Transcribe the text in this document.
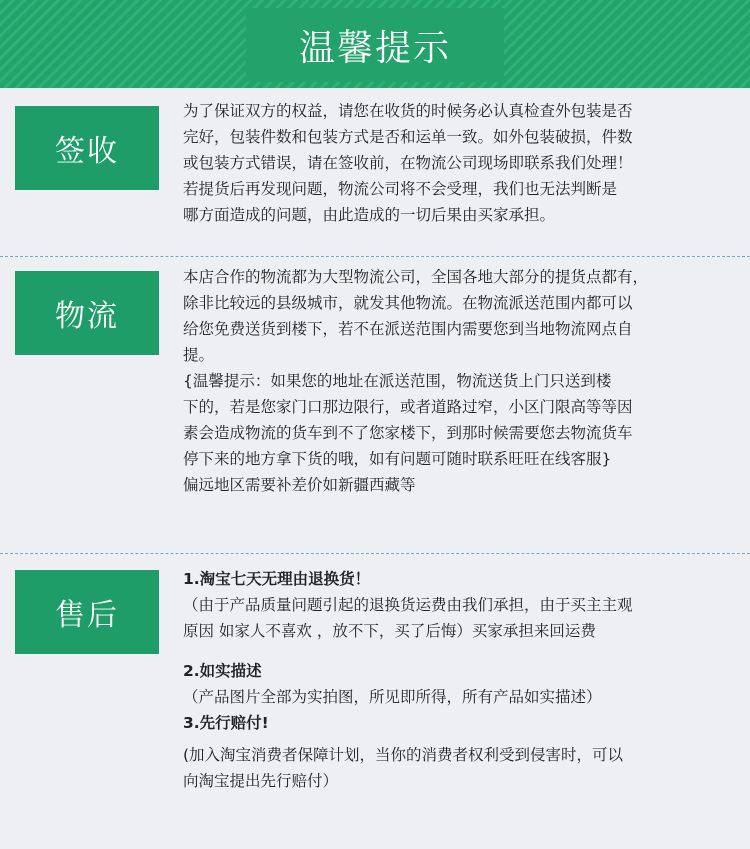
温馨提示
签收
为了保证双方的权益，请您在收货的时候务必认真检查外包装是否
完好，包装件数和包装方式是否和运单一致。如外包装破损，件数
或包装方式错误，请在签收前，在物流公司现场即联系我们处理！
若提货后再发现问题，物流公司将不会受理，我们也无法判断是
哪方面造成的问题，由此造成的一切后果由买家承担。
物流
本店合作的物流都为大型物流公司，全国各地大部分的提货点都有，
除非比较远的县级城市，就发其他物流。在物流派送范围内都可以
给您免费送货到楼下，若不在派送范围内需要您到当地物流网点自
提。
{温馨提示：如果您的地址在派送范围，物流送货上门只送到楼
下的，若是您家门口那边限行，或者道路过窄，小区门限高等等因
素会造成物流的货车到不了您家楼下，到那时候需要您去物流货车
停下来的地方拿下货的哦，如有问题可随时联系旺旺在线客服}
偏远地区需要补差价如新疆西藏等
售后
1.淘宝七天无理由退换货！
（由于产品质量问题引起的退换货运费由我们承担，由于买主主观
原因 如家人不喜欢 ，放不下，买了后悔）买家承担来回运费
2.如实描述
（产品图片全部为实拍图，所见即所得，所有产品如实描述）
3.先行赔付!
(加入淘宝消费者保障计划，当你的消费者权利受到侵害时，可以
向淘宝提出先行赔付）
